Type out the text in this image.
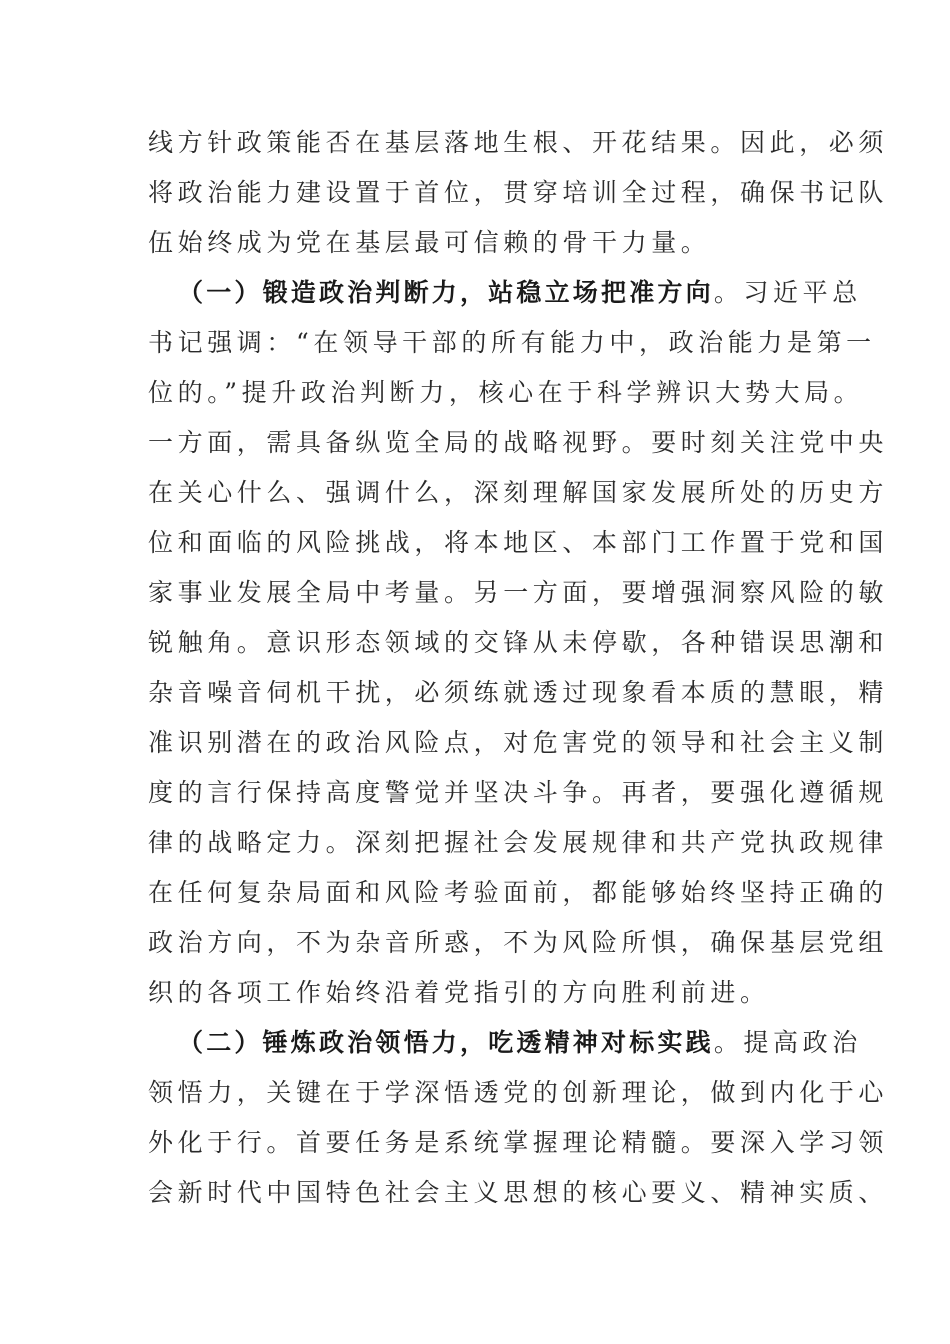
线方针政策能否在基层落地生根、开花结果。因此，必须
将政治能力建设置于首位，贯穿培训全过程，确保书记队
伍始终成为党在基层最可信赖的骨干力量。
（一）锻造政治判断力，站稳立场把准方向。习近平总
书记强调：“在领导干部的所有能力中，政治能力是第一
位的。”提升政治判断力，核心在于科学辨识大势大局。
一方面，需具备纵览全局的战略视野。要时刻关注党中央
在关心什么、强调什么，深刻理解国家发展所处的历史方
位和面临的风险挑战，将本地区、本部门工作置于党和国
家事业发展全局中考量。另一方面，要增强洞察风险的敏
锐触角。意识形态领域的交锋从未停歇，各种错误思潮和
杂音噪音伺机干扰，必须练就透过现象看本质的慧眼，精
准识别潜在的政治风险点，对危害党的领导和社会主义制
度的言行保持高度警觉并坚决斗争。再者，要强化遵循规
律的战略定力。深刻把握社会发展规律和共产党执政规律
在任何复杂局面和风险考验面前，都能够始终坚持正确的
政治方向，不为杂音所惑，不为风险所惧，确保基层党组
织的各项工作始终沿着党指引的方向胜利前进。
（二）锤炼政治领悟力，吃透精神对标实践。提高政治
领悟力，关键在于学深悟透党的创新理论，做到内化于心
外化于行。首要任务是系统掌握理论精髓。要深入学习领
会新时代中国特色社会主义思想的核心要义、精神实质、
